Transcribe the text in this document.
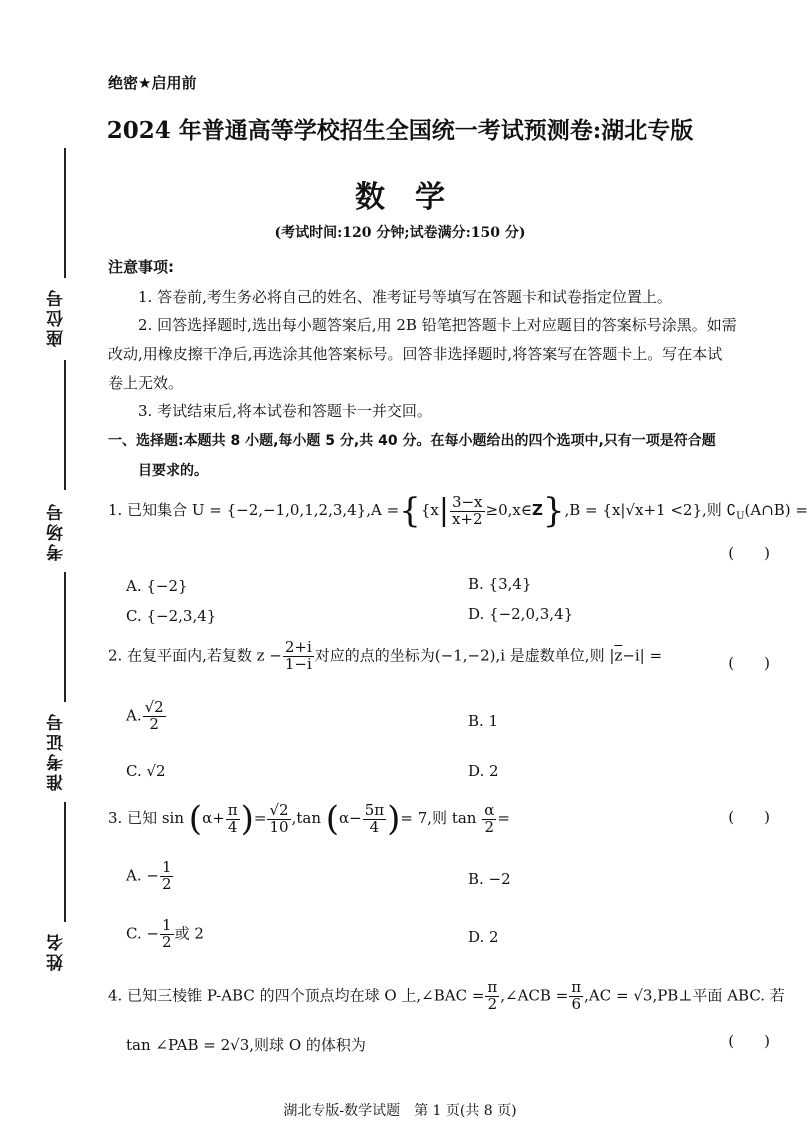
座位号
考场号
准考证号
姓名
绝密★启用前
2024 年普通高等学校招生全国统一考试预测卷:湖北专版
数　学
(考试时间:120 分钟;试卷满分:150 分)
注意事项:
1. 答卷前,考生务必将自己的姓名、准考证号等填写在答题卡和试卷指定位置上。
2. 回答选择题时,选出每小题答案后,用 2B 铅笔把答题卡上对应题目的答案标号涂黑。如需
改动,用橡皮擦干净后,再选涂其他答案标号。回答非选择题时,将答案写在答题卡上。写在本试
卷上无效。
3. 考试结束后,将本试卷和答题卡一并交回。
一、选择题:本题共 8 小题,每小题 5 分,共 40 分。在每小题给出的四个选项中,只有一项是符合题
目要求的。
1. 已知集合 $U = \{-2,-1,0,1,2,3,4\},A =\{\{x| \frac{3-x}{x+2}$ ≥0,x∈Z},B = {x|√x+1 <2},则 $∁_U(A\cap B)$ =
(　　)
A. {−2}	B. {3,4}
C. {−2,3,4}	D. {−2,0,3,4}
2. 在复平面内,若复数 $z - \frac{2+i}{1-i}$ 对应的点的坐标为(−1,−2),i 是虚数单位,则 $|\overline{z}-i|$ =	(　　)
A. $\frac{√2}{2}$	B. 1
C. √2	D. 2
3. 已知 $\sin (\alpha+ \frac{\pi}{4}$ )= $\frac{√2}{10} ,\tan$ ($\alpha- \frac{5\pi}{4}$ )= 7,则 $\tan \frac{\alpha}{2}$ =	(　　)
A. − $\frac{1}{2}$	B. −2
C. − $\frac{1}{2}$ 或 2	D. 2
4. 已知三棱锥 P-ABC 的四个顶点均在球 O 上,∠BAC = $\frac{\pi}{2}$ ,∠ACB = $\frac{\pi}{6} ,AC$ = √3,PB⊥平面 ABC. 若
tan ∠PAB = 2√3,则球 O 的体积为	(　　)
湖北专版-数学试题　第 1 页(共 8 页)
